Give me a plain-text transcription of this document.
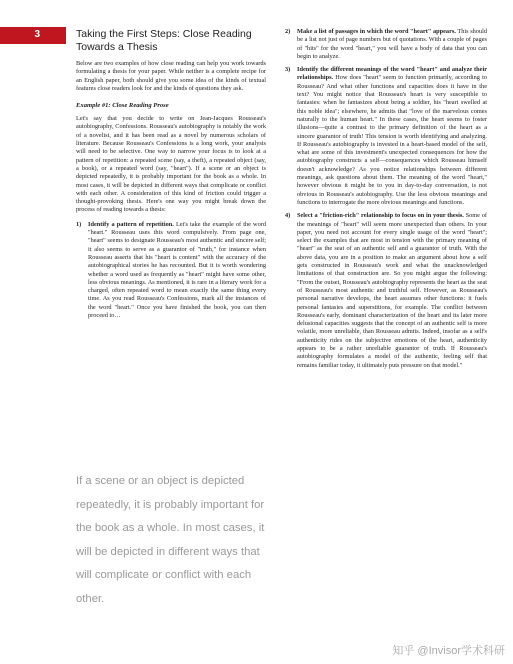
3	Taking the First Steps: Close Reading Towards a Thesis
Below are two examples of how close reading can help you work towards formulating a thesis for your paper. While neither is a complete recipe for an English paper, both should give you some idea of the kinds of textual features close readers look for and the kinds of questions they ask.
Example #1: Close Reading Prose
Let's say that you decide to write on Jean-Jacques Rousseau's autobiography, Confessions. Rousseau's autobiography is notably the work of a novelist, and it has been read as a novel by numerous scholars of literature. Because Rousseau's Confessions is a long work, your analysis will need to be selective. One way to narrow your focus is to look at a pattern of repetition: a repeated scene (say, a theft), a repeated object (say, a book), or a repeated word (say, "heart"). If a scene or an object is depicted repeatedly, it is probably important for the book as a whole. In most cases, it will be depicted in different ways that complicate or conflict with each other. A consideration of this kind of friction could trigger a thought-provoking thesis. Here's one way you might break down the process of reading towards a thesis:
1) Identify a pattern of repetition. Let's take the example of the word "heart." Rousseau uses this word compulsively. From page one, "heart" seems to designate Rousseau's most authentic and sincere self; it also seems to serve as a guarantor of "truth," for instance when Rousseau asserts that his "heart is content" with the accuracy of the autobiographical stories he has recounted. But it is worth wondering whether a word used as frequently as "heart" might have some other, less obvious meanings. As mentioned, it is rare in a literary work for a charged, often repeated word to mean exactly the same thing every time. As you read Rousseau's Confessions, mark all the instances of the word "heart." Once you have finished the book, you can then proceed to…
If a scene or an object is depicted repeatedly, it is probably important for the book as a whole. In most cases, it will be depicted in different ways that will complicate or conflict with each other.
2) Make a list of passages in which the word "heart" appears. This should be a list not just of page numbers but of quotations. With a couple of pages of "hits" for the word "heart," you will have a body of data that you can begin to analyze.
3) Identify the different meanings of the word "heart" and analyze their relationships. How does "heart" seem to function primarily, according to Rousseau? And what other functions and capacities does it have in the text? You might notice that Rousseau's heart is very susceptible to fantasies: when he fantasizes about being a soldier, his "heart swelled at this noble idea"; elsewhere, he admits that "love of the marvelous comes naturally to the human heart." In these cases, the heart seems to foster illusions—quite a contrast to the primary definition of the heart as a sincere guarantor of truth! This tension is worth identifying and analyzing. If Rousseau's autobiography is invested in a heart-based model of the self, what are some of this investment's unexpected consequences for how the autobiography constructs a self—consequences which Rousseau himself doesn't acknowledge? As you notice relationships between different meanings, ask questions about them. The meaning of the word "heart," however obvious it might be to you in day-to-day conversation, is not obvious in Rousseau's autobiography. Use the less obvious meanings and functions to interrogate the more obvious meanings and functions.
4) Select a "friction-rich" relationship to focus on in your thesis. Some of the meanings of "heart" will seem more unexpected than others. In your paper, you need not account for every single usage of the word "heart"; select the examples that are most in tension with the primary meaning of "heart" as the seat of an authentic self and a guarantor of truth. With the above data, you are in a position to make an argument about how a self gets constructed in Rousseau's work and what the unacknowledged limitations of that construction are. So you might argue the following: "From the outset, Rousseau's autobiography represents the heart as the seat of Rousseau's most authentic and truthful self. However, as Rousseau's personal narrative develops, the heart assumes other functions: it fuels personal fantasies and superstitions, for example. The conflict between Rousseau's early, dominant characterization of the heart and its later more delusional capacities suggests that the concept of an authentic self is more volatile, more unreliable, than Rousseau admits. Indeed, insofar as a self's authenticity rides on the subjective emotions of the heart, authenticity appears to be a rather unreliable guarantor of truth. If Rousseau's autobiography formulates a model of the authentic, feeling self that remains familiar today, it ultimately puts pressure on that model."
知乎 @Invisor学术科研
